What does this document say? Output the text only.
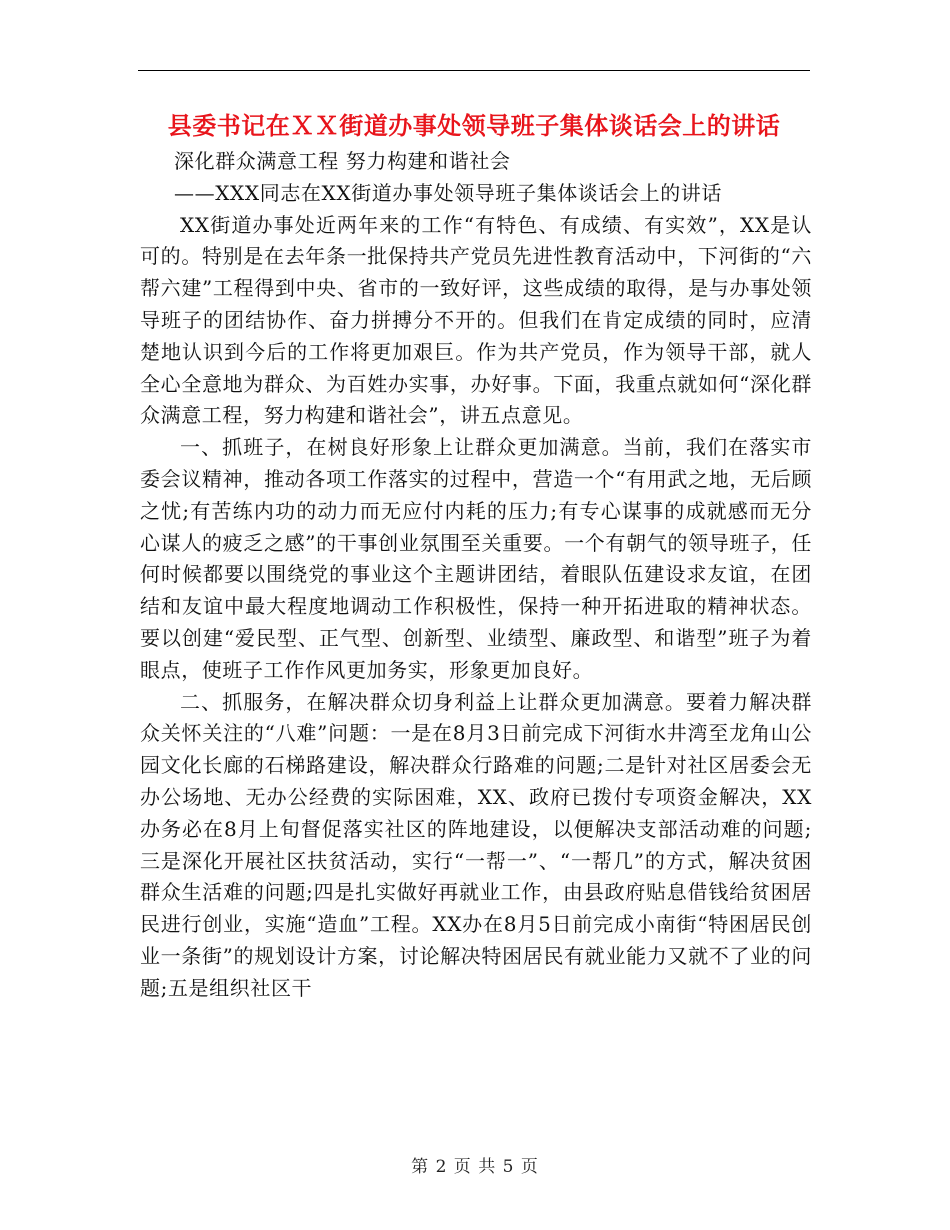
县委书记在ＸＸ街道办事处领导班子集体谈话会上的讲话

深化群众满意工程 努力构建和谐社会

——XXX同志在XX街道办事处领导班子集体谈话会上的讲话

XX街道办事处近两年来的工作“有特色、有成绩、有实效”，XX是认可的。特别是在去年条一批保持共产党员先进性教育活动中，下河街的“六帮六建”工程得到中央、省市的一致好评，这些成绩的取得，是与办事处领导班子的团结协作、奋力拼搏分不开的。但我们在肯定成绩的同时，应清楚地认识到今后的工作将更加艰巨。作为共产党员，作为领导干部，就人全心全意地为群众、为百姓办实事，办好事。下面，我重点就如何“深化群众满意工程，努力构建和谐社会”，讲五点意见。

一、抓班子，在树良好形象上让群众更加满意。当前，我们在落实市委会议精神，推动各项工作落实的过程中，营造一个“有用武之地，无后顾之忧;有苦练内功的动力而无应付内耗的压力;有专心谋事的成就感而无分心谋人的疲乏之感”的干事创业氛围至关重要。一个有朝气的领导班子，任何时候都要以围绕党的事业这个主题讲团结，着眼队伍建设求友谊，在团结和友谊中最大程度地调动工作积极性，保持一种开拓进取的精神状态。要以创建“爱民型、正气型、创新型、业绩型、廉政型、和谐型”班子为着眼点，使班子工作作风更加务实，形象更加良好。

二、抓服务，在解决群众切身利益上让群众更加满意。要着力解决群众关怀关注的“八难”问题：一是在8月3日前完成下河街水井湾至龙角山公园文化长廊的石梯路建设，解决群众行路难的问题;二是针对社区居委会无办公场地、无办公经费的实际困难，XX、政府已拨付专项资金解决，XX办务必在8月上旬督促落实社区的阵地建设，以便解决支部活动难的问题;三是深化开展社区扶贫活动，实行“一帮一”、“一帮几”的方式，解决贫困群众生活难的问题;四是扎实做好再就业工作，由县政府贴息借钱给贫困居民进行创业，实施“造血”工程。XX办在8月5日前完成小南街“特困居民创业一条街”的规划设计方案，讨论解决特困居民有就业能力又就不了业的问题;五是组织社区干

第 2 页 共 5 页
